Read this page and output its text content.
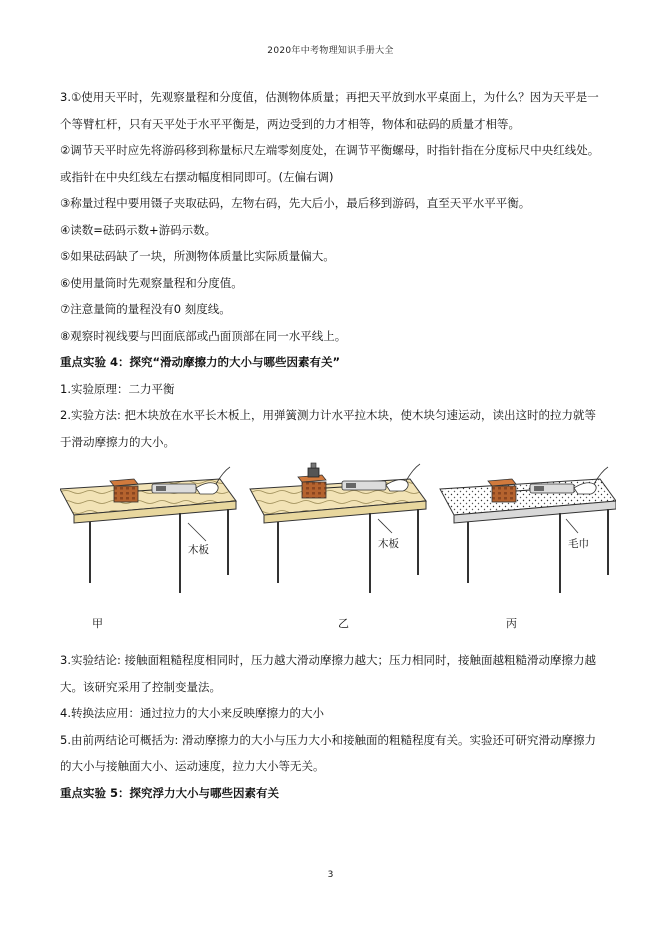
2020年中考物理知识手册大全

3.①使用天平时，先观察量程和分度值，估测物体质量；再把天平放到水平桌面上，为什么？因为天平是一

个等臂杠杆，只有天平处于水平平衡是，两边受到的力才相等，物体和砝码的质量才相等。

②调节天平时应先将游码移到称量标尺左端零刻度处，在调节平衡螺母，时指针指在分度标尺中央红线处。

或指针在中央红线左右摆动幅度相同即可。(左偏右调)

③称量过程中要用镊子夹取砝码，左物右码，先大后小，最后移到游码，直至天平水平平衡。

④读数=砝码示数+游码示数。

⑤如果砝码缺了一块，所测物体质量比实际质量偏大。

⑥使用量筒时先观察量程和分度值。

⑦注意量筒的量程没有0 刻度线。

⑧观察时视线要与凹面底部或凸面顶部在同一水平线上。

重点实验 4：探究“滑动摩擦力的大小与哪些因素有关”

1.实验原理：二力平衡

2.实验方法: 把木块放在水平长木板上，用弹簧测力计水平拉木块，使木块匀速运动，读出这时的拉力就等

于滑动摩擦力的大小。

木板	木板	毛巾
甲	乙	丙

3.实验结论: 接触面粗糙程度相同时，压力越大滑动摩擦力越大；压力相同时，接触面越粗糙滑动摩擦力越

大。该研究采用了控制变量法。

4.转换法应用：通过拉力的大小来反映摩擦力的大小

5.由前两结论可概括为: 滑动摩擦力的大小与压力大小和接触面的粗糙程度有关。实验还可研究滑动摩擦力

的大小与接触面大小、运动速度，拉力大小等无关。

重点实验 5：探究浮力大小与哪些因素有关

3
